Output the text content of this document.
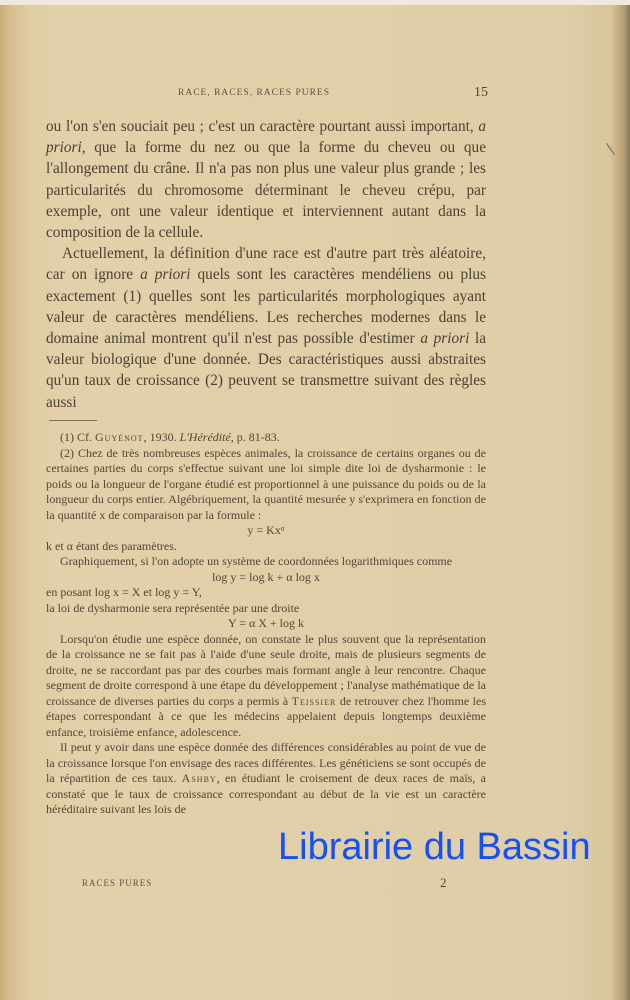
RACE, RACES, RACES PURES	15

ou l'on s'en souciait peu ; c'est un caractère pourtant aussi important, a priori, que la forme du nez ou que la forme du cheveu ou que l'allongement du crâne. Il n'a pas non plus une valeur plus grande ; les particularités du chromosome déterminant le cheveu crépu, par exemple, ont une valeur identique et interviennent autant dans la composition de la cellule.

Actuellement, la définition d'une race est d'autre part très aléatoire, car on ignore a priori quels sont les caractères mendéliens ou plus exactement (1) quelles sont les particularités morphologiques ayant valeur de caractères mendéliens. Les recherches modernes dans le domaine animal montrent qu'il n'est pas possible d'estimer a priori la valeur biologique d'une donnée. Des caractéristiques aussi abstraites qu'un taux de croissance (2) peuvent se transmettre suivant des règles aussi

(1) Cf. Guyénot, 1930. L'Hérédité, p. 81-83.

(2) Chez de très nombreuses espèces animales, la croissance de certains organes ou de certaines parties du corps s'effectue suivant une loi simple dite loi de dysharmonie : le poids ou la longueur de l'organe étudié est proportionnel à une puissance du poids ou de la longueur du corps entier. Algébriquement, la quantité mesurée y s'exprimera en fonction de la quantité x de comparaison par la formule :

y = Kxᵅ

k et α étant des paramètres.

Graphiquement, si l'on adopte un système de coordonnées logarithmiques comme

log y = log k + α log x

en posant log x = X et log y = Y,

la loi de dysharmonie sera représentée par une droite

Y = α X + log k

Lorsqu'on étudie une espèce donnée, on constate le plus souvent que la représentation de la croissance ne se fait pas à l'aide d'une seule droite, mais de plusieurs segments de droite, ne se raccordant pas par des courbes mais formant angle à leur rencontre. Chaque segment de droite correspond à une étape du développement ; l'analyse mathématique de la croissance de diverses parties du corps a permis à Teissier de retrouver chez l'homme les étapes correspondant à ce que les médecins appelaient depuis longtemps deuxième enfance, troisième enfance, adolescence.

Il peut y avoir dans une espèce donnée des différences considérables au point de vue de la croissance lorsque l'on envisage des races différentes. Les généticiens se sont occupés de la répartition de ces taux. Ashby, en étudiant le croisement de deux races de maïs, a constaté que le taux de croissance correspondant au début de la vie est un caractère héréditaire suivant les lois de

RACES PURES	2
Librairie du Bassin
